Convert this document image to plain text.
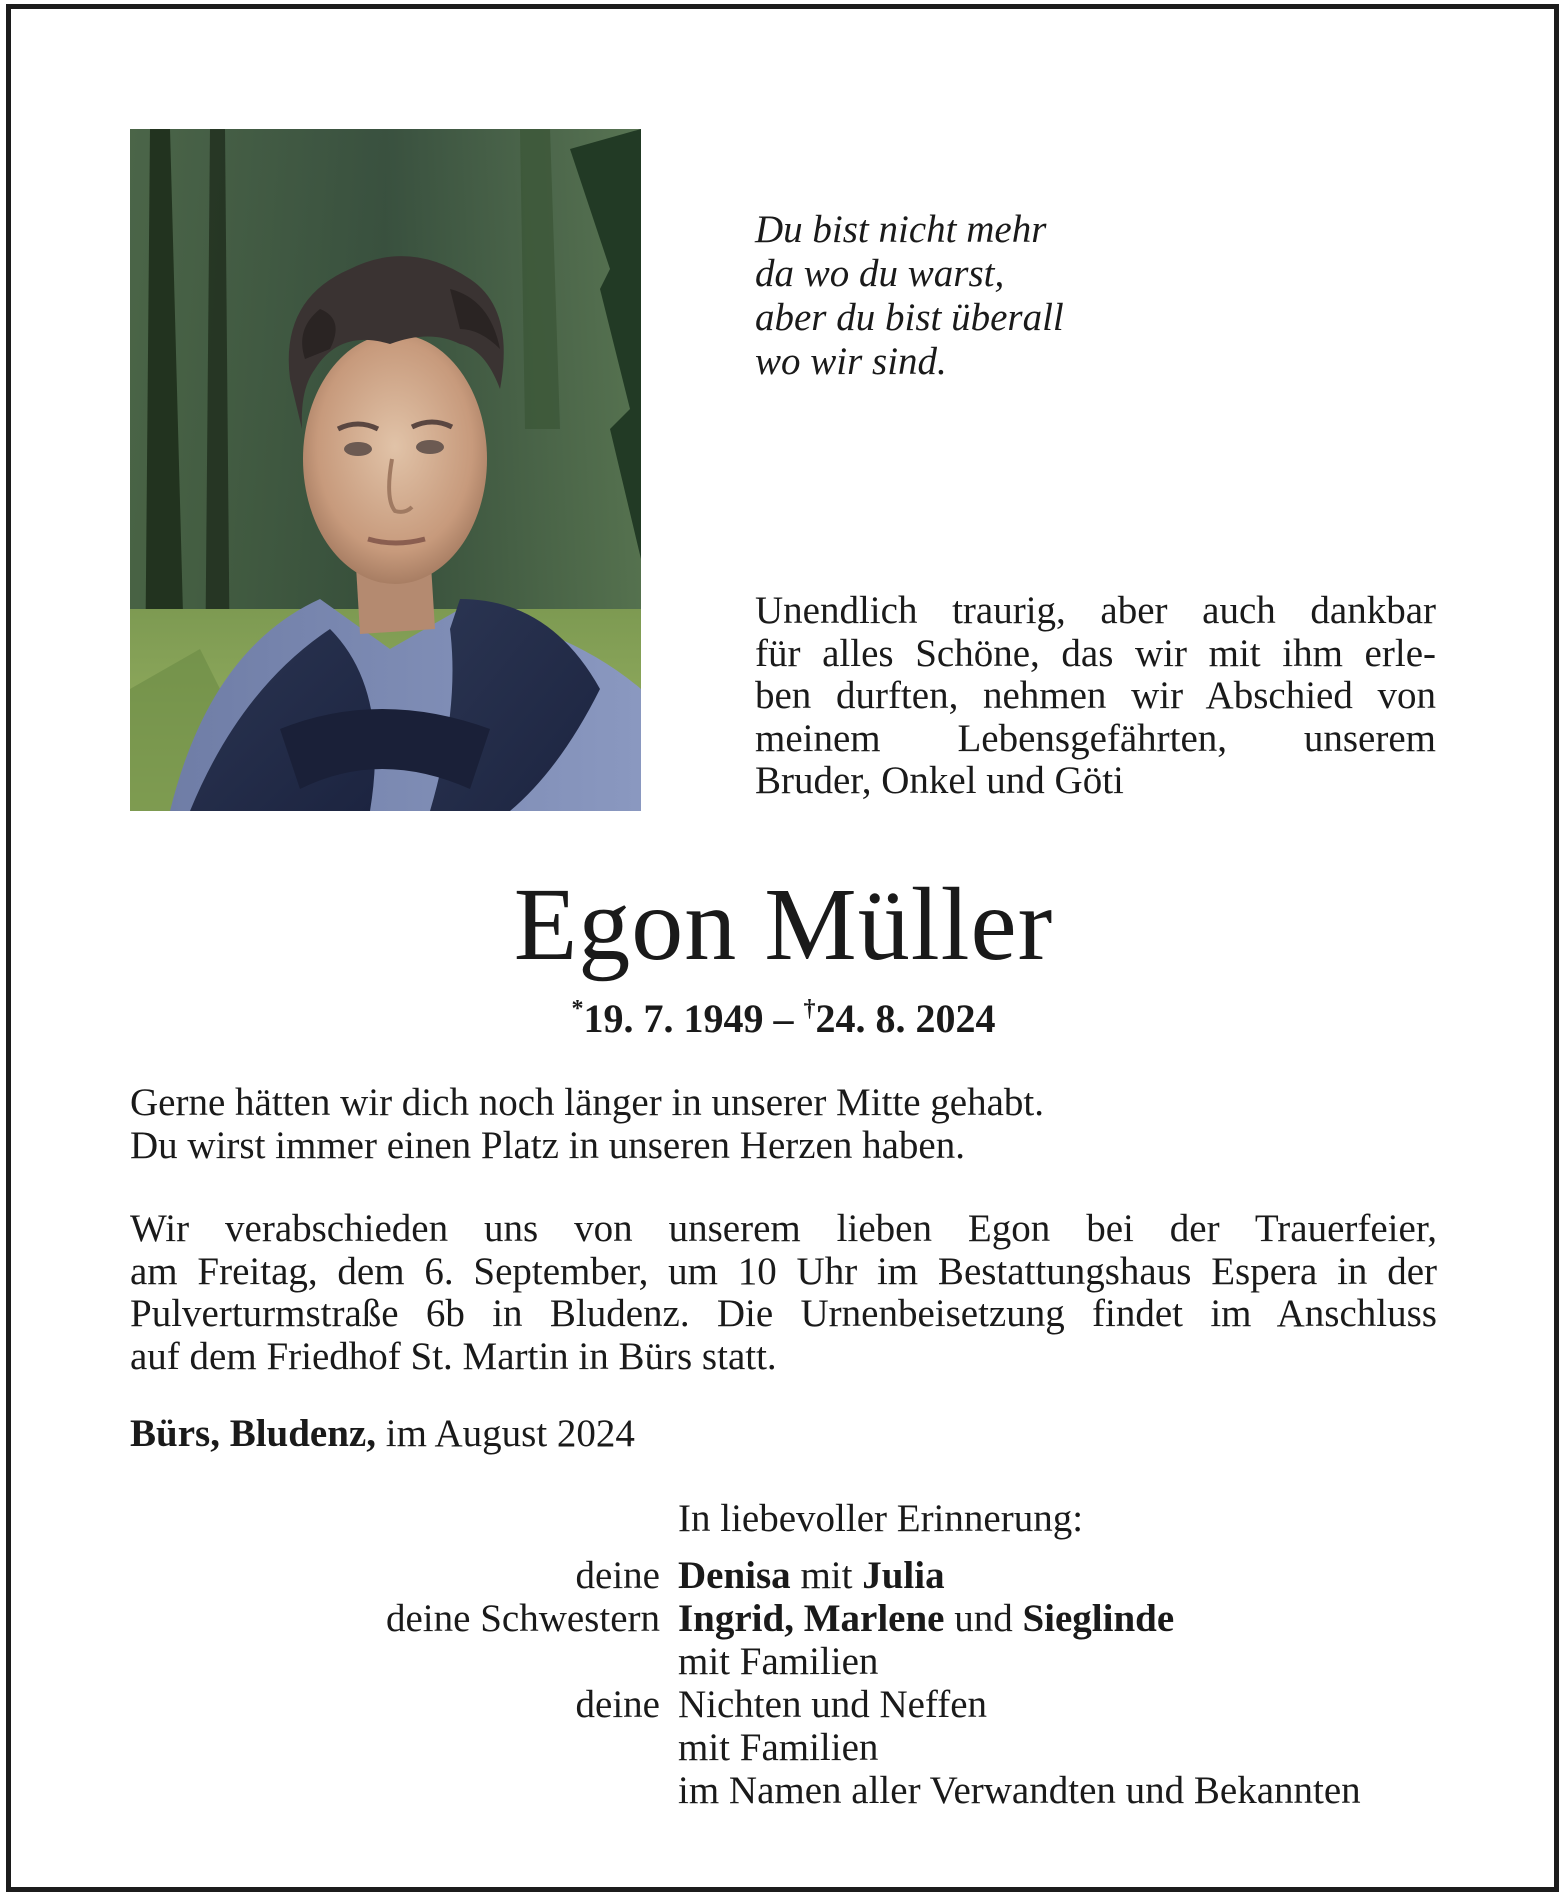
Du bist nicht mehr
da wo du warst,
aber du bist überall
wo wir sind.
Unendlich traurig, aber auch dankbar
für alles Schöne, das wir mit ihm erle-
ben durften, nehmen wir Abschied von
meinem Lebensgefährten, unserem
Bruder, Onkel und Göti
Egon Müller
*19. 7. 1949 – †24. 8. 2024
Gerne hätten wir dich noch länger in unserer Mitte gehabt.
Du wirst immer einen Platz in unseren Herzen haben.
Wir verabschieden uns von unserem lieben Egon bei der Trauerfeier,
am Freitag, dem 6. September, um 10 Uhr im Bestattungshaus Espera in der
Pulverturmstraße 6b in Bludenz. Die Urnenbeisetzung findet im Anschluss
auf dem Friedhof St. Martin in Bürs statt.
Bürs, Bludenz, im August 2024
In liebevoller Erinnerung:
deine Denisa mit Julia
deine Schwestern Ingrid, Marlene und Sieglinde
mit Familien
deine Nichten und Neffen
mit Familien
im Namen aller Verwandten und Bekannten
